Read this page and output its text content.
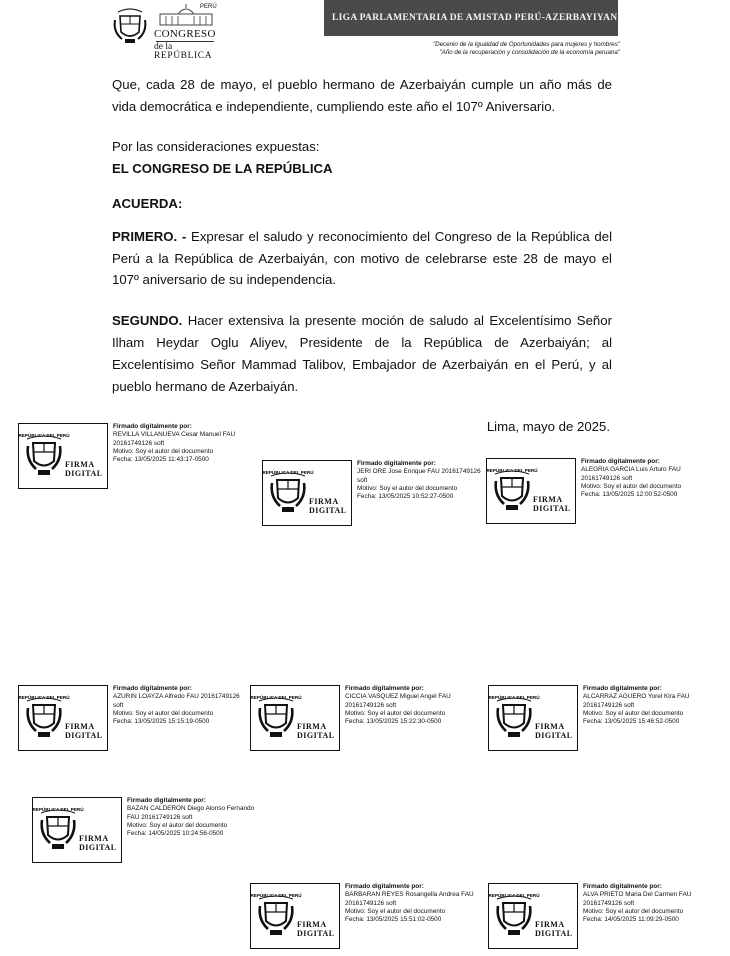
PERÚ
CONGRESO
de la
REPÚBLICA
LIGA PARLAMENTARIA DE AMISTAD PERÚ-AZERBAYIYAN
"Decenio de la Igualdad de Oportunidades para mujeres y hombres"
"Año de la recuperación y consolidación de la economía peruana"
Que, cada 28 de mayo, el pueblo hermano de Azerbaiyán cumple un año más de vida democrática e independiente, cumpliendo este año el 107º Aniversario.
Por las consideraciones expuestas:
EL CONGRESO DE LA REPÚBLICA
ACUERDA:
PRIMERO. - Expresar el saludo y reconocimiento del Congreso de la República del Perú a la República de Azerbaiyán, con motivo de celebrarse este 28 de mayo el 107º aniversario de su independencia.
SEGUNDO. Hacer extensiva la presente moción de saludo al Excelentísimo Señor Ilham Heydar Oglu Aliyev, Presidente de la República de Azerbaiyán; al Excelentísimo Señor Mammad Talibov, Embajador de Azerbaiyán en el Perú, y al pueblo hermano de Azerbaiyán.
Lima, mayo de 2025.
REPÚBLICA DEL PERÚ
FIRMA
DIGITAL
Firmado digitalmente por:
REVILLA VILLANUEVA Cesar Manuel FAU 20161749126 soft
Motivo: Soy el autor del documento
Fecha: 13/05/2025 11:43:17-0500
REPÚBLICA DEL PERÚ
FIRMA
DIGITAL
Firmado digitalmente por:
JERI ORE Jose Enrique FAU 20161749126 soft
Motivo: Soy el autor del documento
Fecha: 13/05/2025 10:52:27-0500
REPÚBLICA DEL PERÚ
FIRMA
DIGITAL
Firmado digitalmente por:
ALEGRIA GARCIA Luis Arturo FAU 20161749126 soft
Motivo: Soy el autor del documento
Fecha: 13/05/2025 12:00:52-0500
REPÚBLICA DEL PERÚ
FIRMA
DIGITAL
Firmado digitalmente por:
AZURIN LOAYZA Alfredo FAU 20161749126 soft
Motivo: Soy el autor del documento
Fecha: 13/05/2025 15:15:19-0500
REPÚBLICA DEL PERÚ
FIRMA
DIGITAL
Firmado digitalmente por:
CICCIA VASQUEZ Miguel Angel FAU 20161749126 soft
Motivo: Soy el autor del documento
Fecha: 13/05/2025 15:22:30-0500
REPÚBLICA DEL PERÚ
FIRMA
DIGITAL
Firmado digitalmente por:
ALCARRAZ AGUERO Yorel Kira FAU 20161749126 soft
Motivo: Soy el autor del documento
Fecha: 13/05/2025 15:46:52-0500
REPÚBLICA DEL PERÚ
FIRMA
DIGITAL
Firmado digitalmente por:
BAZAN CALDERON Diego Alonso Fernando FAU 20161749126 soft
Motivo: Soy el autor del documento
Fecha: 14/05/2025 10:24:56-0500
REPÚBLICA DEL PERÚ
FIRMA
DIGITAL
Firmado digitalmente por:
BARBARAN REYES Rosangella Andrea FAU 20161749126 soft
Motivo: Soy el autor del documento
Fecha: 13/05/2025 15:51:02-0500
REPÚBLICA DEL PERÚ
FIRMA
DIGITAL
Firmado digitalmente por:
ALVA PRIETO Maria Del Carmen FAU 20161749126 soft
Motivo: Soy el autor del documento
Fecha: 14/05/2025 11:09:29-0500
